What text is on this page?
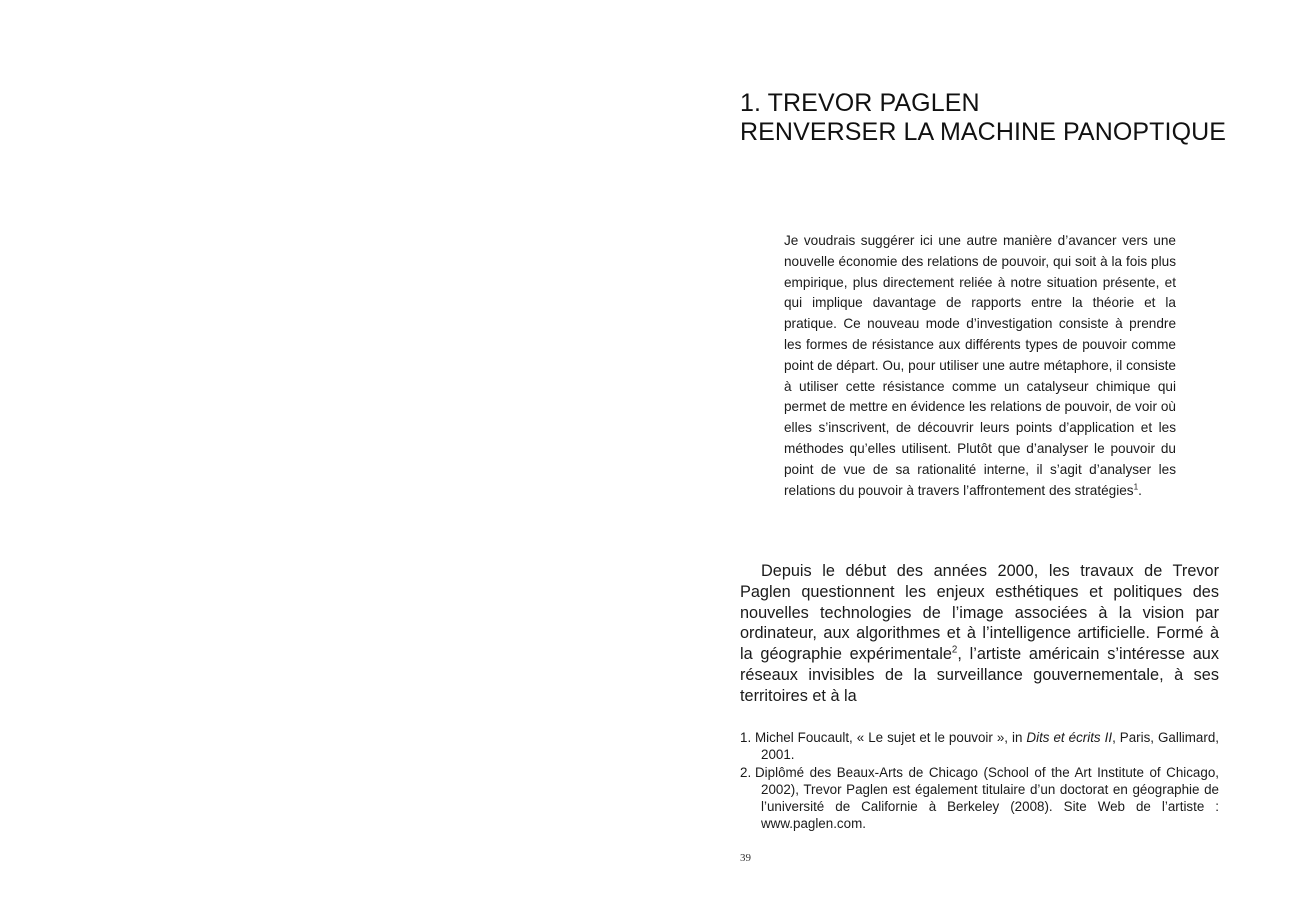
1. TREVOR PAGLEN
RENVERSER LA MACHINE PANOPTIQUE

Je voudrais suggérer ici une autre manière d’avancer vers une nouvelle économie des relations de pouvoir, qui soit à la fois plus empirique, plus directement reliée à notre situation présente, et qui implique davantage de rapports entre la théorie et la pratique. Ce nouveau mode d’investigation consiste à prendre les formes de résistance aux différents types de pouvoir comme point de départ. Ou, pour utiliser une autre métaphore, il consiste à utiliser cette résistance comme un catalyseur chimique qui permet de mettre en évidence les relations de pouvoir, de voir où elles s’inscrivent, de découvrir leurs points d’application et les méthodes qu’elles utilisent. Plutôt que d’analyser le pouvoir du point de vue de sa rationalité interne, il s’agit d’analyser les relations du pouvoir à travers l’affrontement des stratégies$^1$.

Depuis le début des années 2000, les travaux de Trevor Paglen questionnent les enjeux esthétiques et politiques des nouvelles technologies de l’image associées à la vision par ordinateur, aux algorithmes et à l’intelligence artificielle. Formé à la géographie expérimentale$^2$, l’artiste américain s’intéresse aux réseaux invisibles de la surveillance gouvernementale, à ses territoires et à la

1. Michel Foucault, « Le sujet et le pouvoir », in Dits et écrits II, Paris, Gallimard, 2001.
2. Diplômé des Beaux-Arts de Chicago (School of the Art Institute of Chicago, 2002), Trevor Paglen est également titulaire d’un doctorat en géographie de l’université de Californie à Berkeley (2008). Site Web de l’artiste : www.paglen.com.
39
